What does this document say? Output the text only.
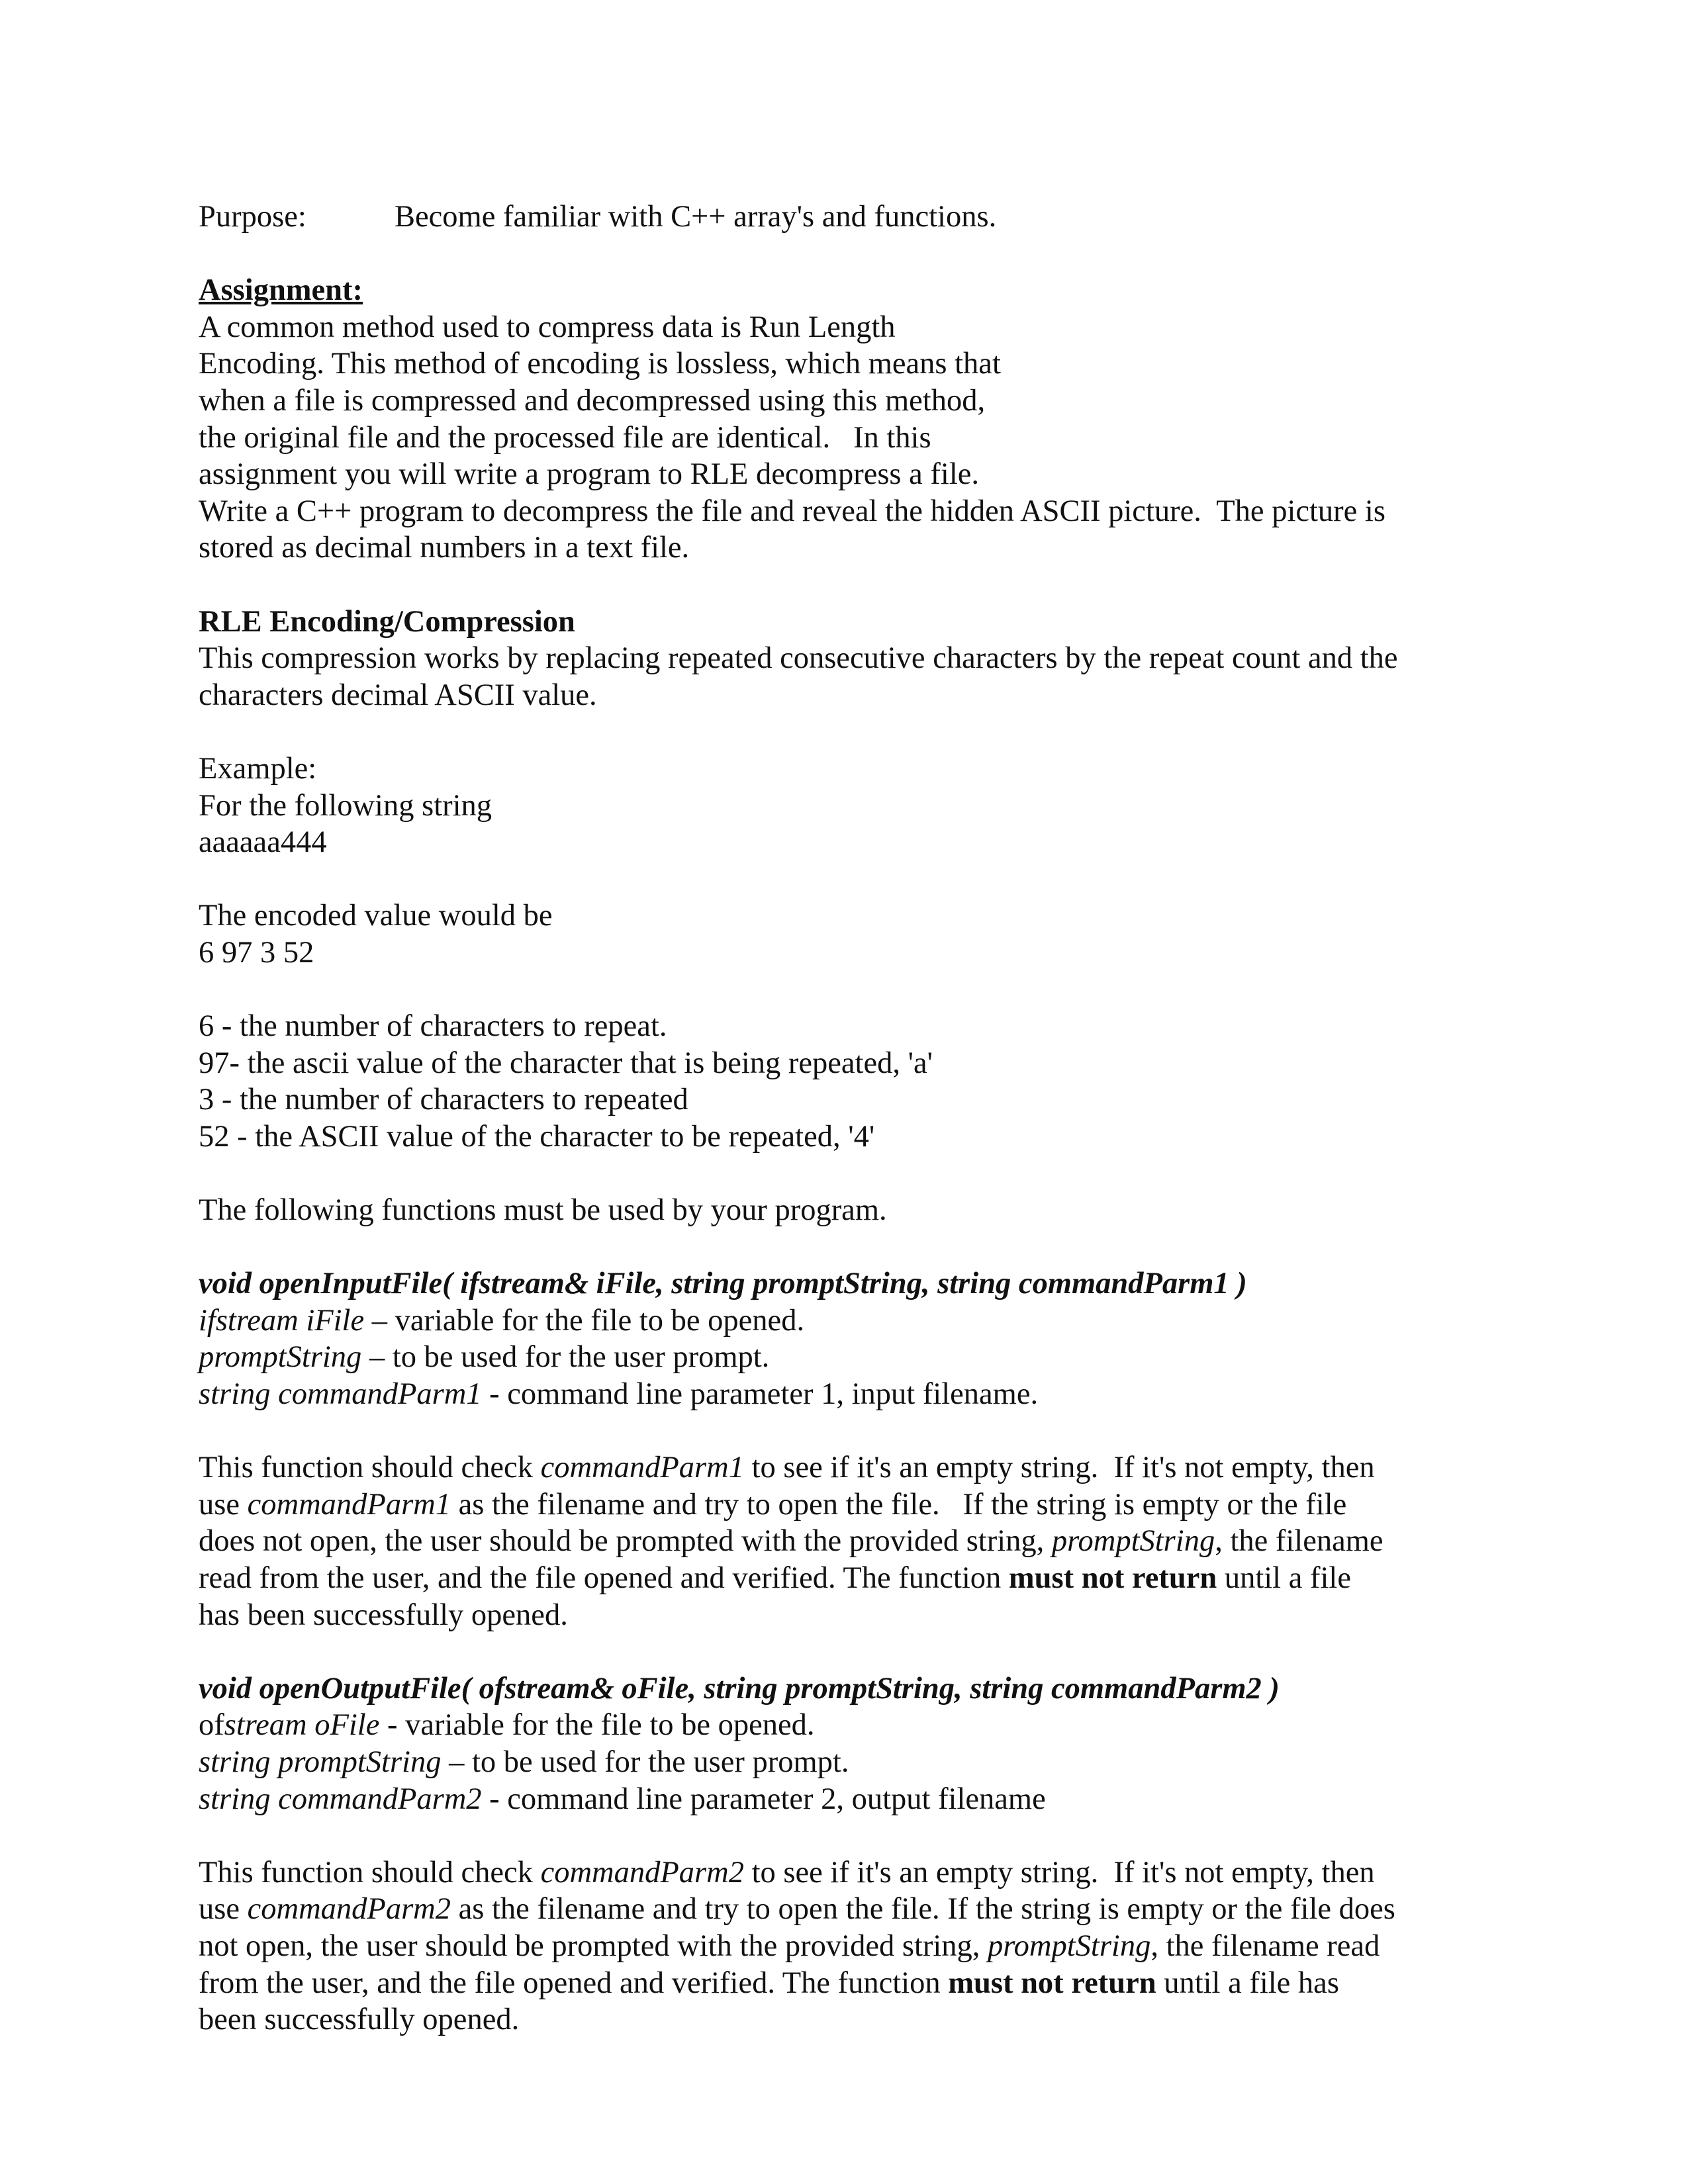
Purpose:	Become familiar with C++ array's and functions.
Assignment:
A common method used to compress data is Run Length
Encoding. This method of encoding is lossless, which means that
when a file is compressed and decompressed using this method,
the original file and the processed file are identical.   In this
assignment you will write a program to RLE decompress a file.
Write a C++ program to decompress the file and reveal the hidden ASCII picture.  The picture is
stored as decimal numbers in a text file.
RLE Encoding/Compression
This compression works by replacing repeated consecutive characters by the repeat count and the
characters decimal ASCII value.
Example:
For the following string
aaaaaa444
The encoded value would be
6 97 3 52
6 - the number of characters to repeat.
97- the ascii value of the character that is being repeated, 'a'
3 - the number of characters to repeated
52 - the ASCII value of the character to be repeated, '4'
The following functions must be used by your program.
void openInputFile( ifstream& iFile, string promptString, string commandParm1 )
ifstream iFile – variable for the file to be opened.
promptString – to be used for the user prompt.
string commandParm1 - command line parameter 1, input filename.
This function should check commandParm1 to see if it's an empty string.  If it's not empty, then
use commandParm1 as the filename and try to open the file.   If the string is empty or the file
does not open, the user should be prompted with the provided string, promptString, the filename
read from the user, and the file opened and verified. The function must not return until a file
has been successfully opened.
void openOutputFile( ofstream& oFile, string promptString, string commandParm2 )
ofstream oFile - variable for the file to be opened.
string promptString – to be used for the user prompt.
string commandParm2 - command line parameter 2, output filename
This function should check commandParm2 to see if it's an empty string.  If it's not empty, then
use commandParm2 as the filename and try to open the file. If the string is empty or the file does
not open, the user should be prompted with the provided string, promptString, the filename read
from the user, and the file opened and verified. The function must not return until a file has
been successfully opened.
